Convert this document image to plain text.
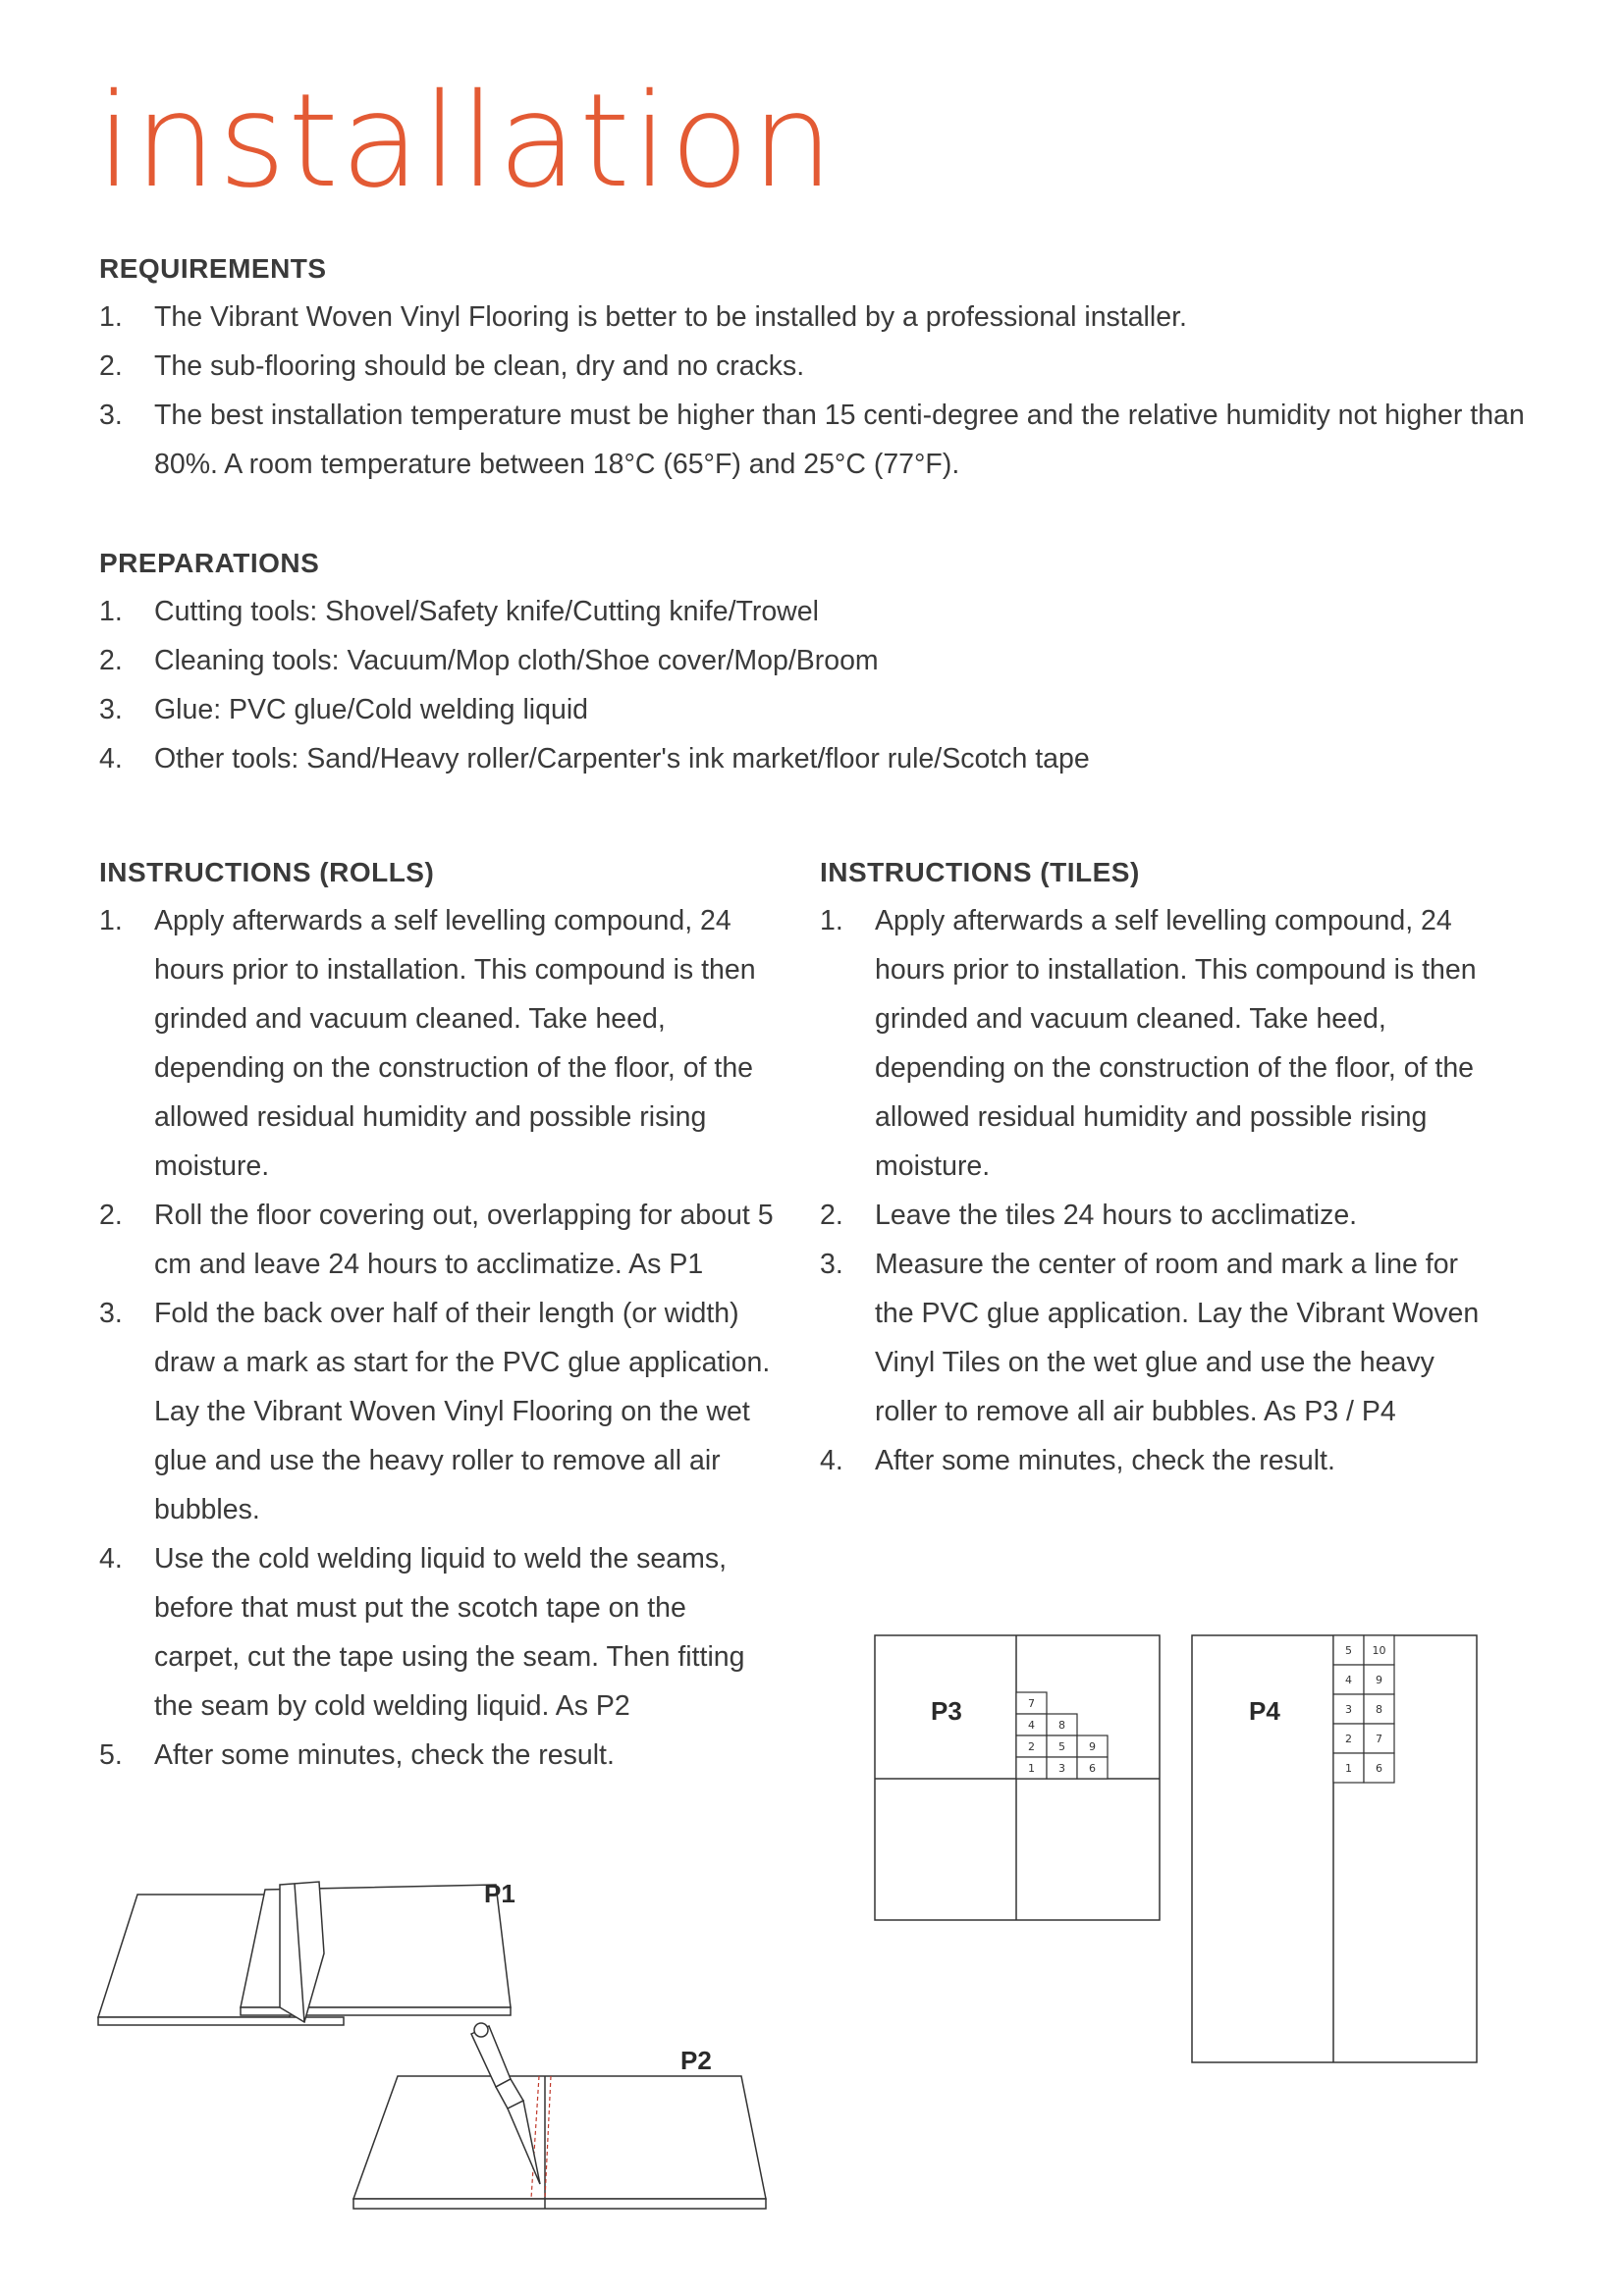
installation
REQUIREMENTS
1. The Vibrant Woven Vinyl Flooring is better to be installed by a professional installer.
2. The sub-flooring should be clean, dry and no cracks.
3. The best installation temperature must be higher than 15 centi-degree and the relative humidity not higher than 80%. A room temperature between 18°C (65°F) and 25°C (77°F).
PREPARATIONS
1. Cutting tools: Shovel/Safety knife/Cutting knife/Trowel
2. Cleaning tools: Vacuum/Mop cloth/Shoe cover/Mop/Broom
3. Glue: PVC glue/Cold welding liquid
4. Other tools: Sand/Heavy roller/Carpenter's ink market/floor rule/Scotch tape
INSTRUCTIONS (ROLLS)
1. Apply afterwards a self levelling compound, 24 hours prior to installation. This compound is then grinded and vacuum cleaned. Take heed, depending on the construction of the floor, of the allowed residual humidity and possible rising moisture.
2. Roll the floor covering out, overlapping for about 5 cm and leave 24 hours to acclimatize. As P1
3. Fold the back over half of their length (or width) draw a mark as start for the PVC glue application. Lay the Vibrant Woven Vinyl Flooring on the wet glue and use the heavy roller to remove all air bubbles.
4. Use the cold welding liquid to weld the seams, before that must put the scotch tape on the carpet, cut the tape using the seam. Then fitting the seam by cold welding liquid. As P2
5. After some minutes, check the result.
INSTRUCTIONS (TILES)
1. Apply afterwards a self levelling compound, 24 hours prior to installation. This compound is then grinded and vacuum cleaned. Take heed, depending on the construction of the floor, of the allowed residual humidity and possible rising moisture.
2. Leave the tiles 24 hours to acclimatize.
3. Measure the center of room and mark a line for the PVC glue application. Lay the Vibrant Woven Vinyl Tiles on the wet glue and use the heavy roller to remove all air bubbles. As P3 / P4
4. After some minutes, check the result.
P1
P2
7
4 8
2 5 9
1 3 6
P3
5 10
4 9
3 8
2 7
1 6
P4
